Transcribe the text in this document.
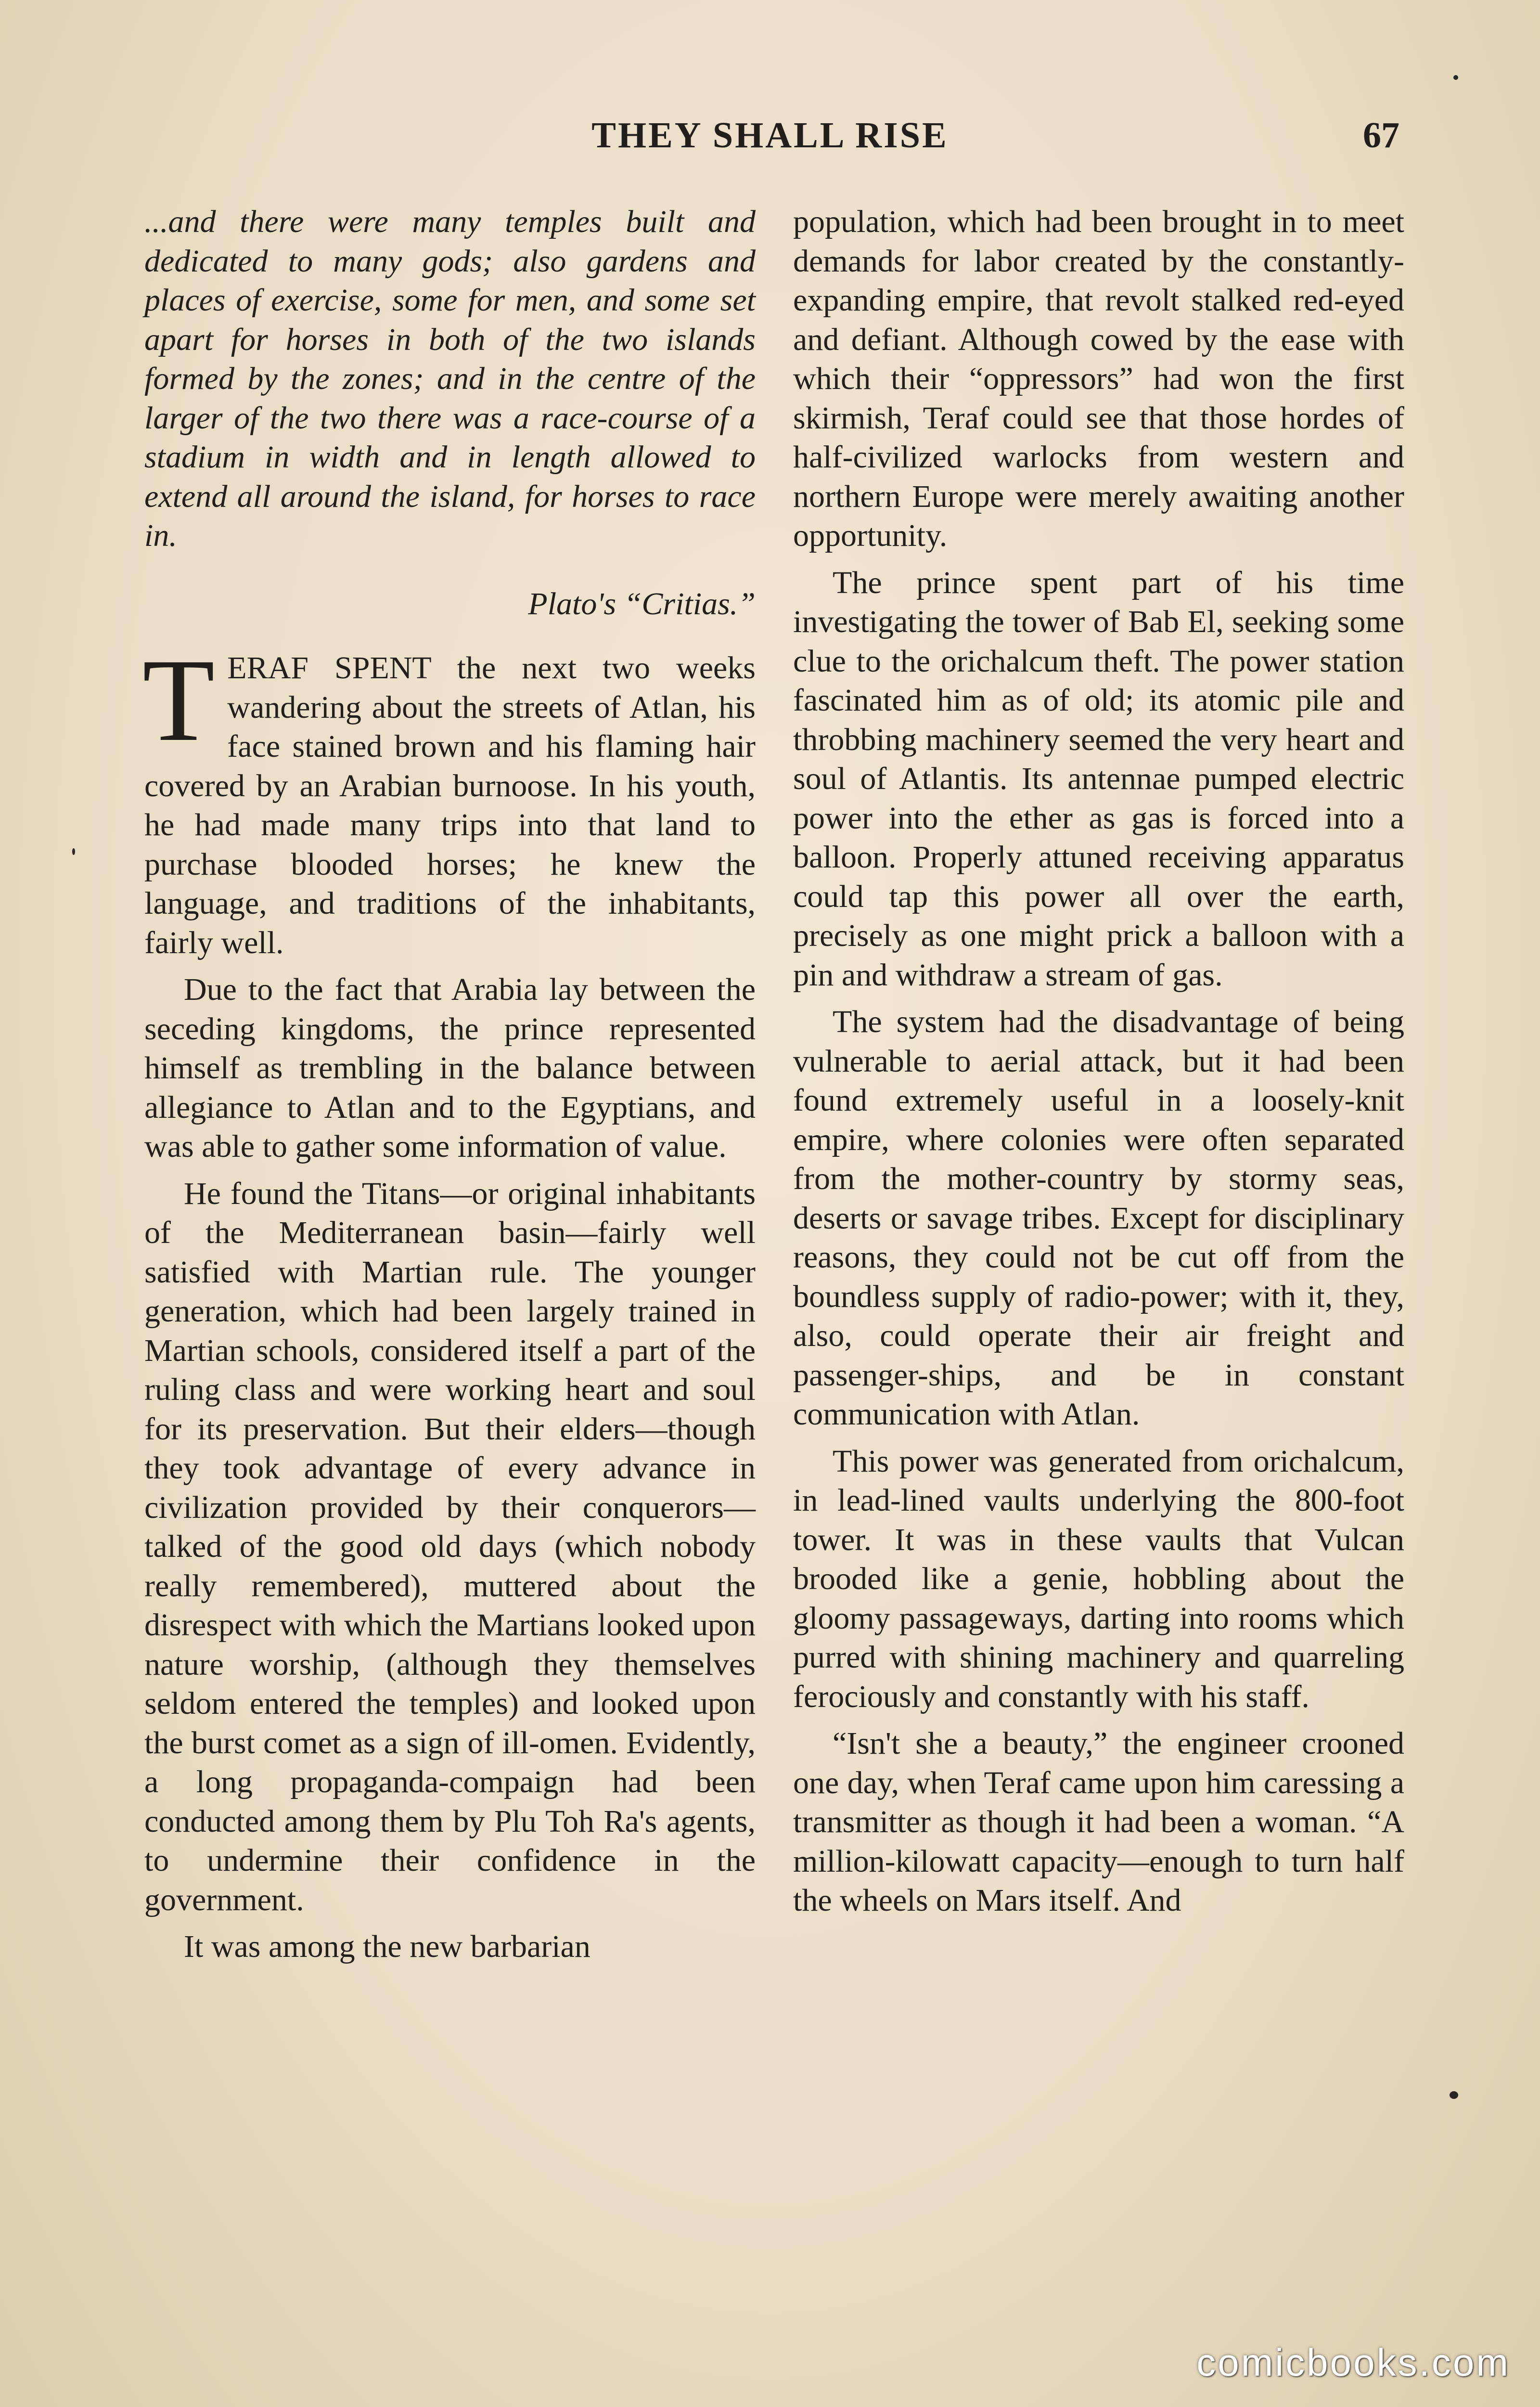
THEY SHALL RISE	67

...and there were many temples built and dedicated to many gods; also gardens and places of exercise, some for men, and some set apart for horses in both of the two islands formed by the zones; and in the centre of the larger of the two there was a race-course of a stadium in width and in length allowed to extend all around the island, for horses to race in.

Plato's “Critias.”

TERAF SPENT the next two weeks wandering about the streets of Atlan, his face stained brown and his flaming hair covered by an Arabian burnoose. In his youth, he had made many trips into that land to purchase blooded horses; he knew the language, and traditions of the inhabitants, fairly well.

Due to the fact that Arabia lay between the seceding kingdoms, the prince represented himself as trembling in the balance between allegiance to Atlan and to the Egyptians, and was able to gather some information of value.

He found the Titans—or original inhabitants of the Mediterranean basin—fairly well satisfied with Martian rule. The younger generation, which had been largely trained in Martian schools, considered itself a part of the ruling class and were working heart and soul for its preservation. But their elders—though they took advantage of every advance in civilization provided by their conquerors—talked of the good old days (which nobody really remembered), muttered about the disrespect with which the Martians looked upon nature worship, (although they themselves seldom entered the temples) and looked upon the burst comet as a sign of ill-omen. Evidently, a long propaganda-compaign had been conducted among them by Plu Toh Ra's agents, to undermine their confidence in the government.

It was among the new barbarian

population, which had been brought in to meet demands for labor created by the constantly-expanding empire, that revolt stalked red-eyed and defiant. Although cowed by the ease with which their “oppressors” had won the first skirmish, Teraf could see that those hordes of half-civilized warlocks from western and northern Europe were merely awaiting another opportunity.

The prince spent part of his time investigating the tower of Bab El, seeking some clue to the orichalcum theft. The power station fascinated him as of old; its atomic pile and throbbing machinery seemed the very heart and soul of Atlantis. Its antennae pumped electric power into the ether as gas is forced into a balloon. Properly attuned receiving apparatus could tap this power all over the earth, precisely as one might prick a balloon with a pin and withdraw a stream of gas.

The system had the disadvantage of being vulnerable to aerial attack, but it had been found extremely useful in a loosely-knit empire, where colonies were often separated from the mother-country by stormy seas, deserts or savage tribes. Except for disciplinary reasons, they could not be cut off from the boundless supply of radio-power; with it, they, also, could operate their air freight and passenger-ships, and be in constant communication with Atlan.

This power was generated from orichalcum, in lead-lined vaults underlying the 800-foot tower. It was in these vaults that Vulcan brooded like a genie, hobbling about the gloomy passageways, darting into rooms which purred with shining machinery and quarreling ferociously and constantly with his staff.

“Isn't she a beauty,” the engineer crooned one day, when Teraf came upon him caressing a transmitter as though it had been a woman. “A million-kilowatt capacity—enough to turn half the wheels on Mars itself. And

comicbooks.com
